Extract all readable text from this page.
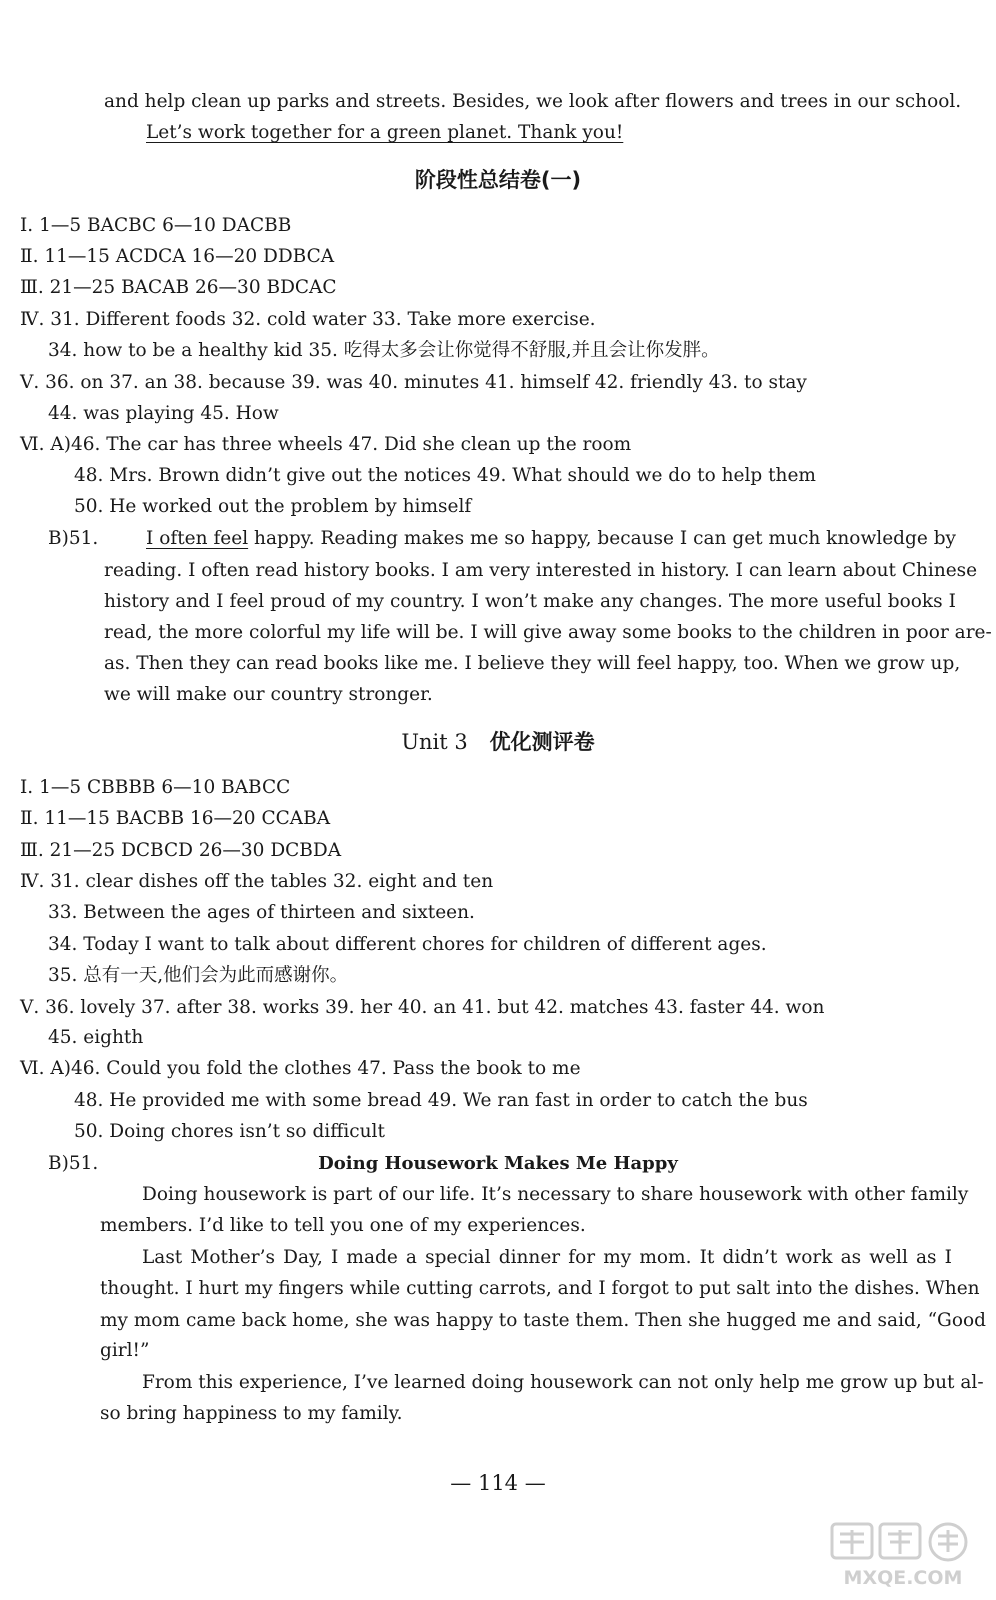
and help clean up parks and streets. Besides, we look after flowers and trees in our school.
Let’s work together for a green planet. Thank you!
阶段性总结卷(一)
Ⅰ. 1—5 BACBC 6—10 DACBB
Ⅱ. 11—15 ACDCA 16—20 DDBCA
Ⅲ. 21—25 BACAB 26—30 BDCAC
Ⅳ. 31. Different foods 32. cold water 33. Take more exercise.
34. how to be a healthy kid 35. 吃得太多会让你觉得不舒服,并且会让你发胖。
Ⅴ. 36. on 37. an 38. because 39. was 40. minutes 41. himself 42. friendly 43. to stay
44. was playing 45. How
Ⅵ. A)46. The car has three wheels 47. Did she clean up the room
48. Mrs. Brown didn’t give out the notices 49. What should we do to help them
50. He worked out the problem by himself
B)51.	I often feel happy. Reading makes me so happy, because I can get much knowledge by
reading. I often read history books. I am very interested in history. I can learn about Chinese
history and I feel proud of my country. I won’t make any changes. The more useful books I
read, the more colorful my life will be. I will give away some books to the children in poor are-
as. Then they can read books like me. I believe they will feel happy, too. When we grow up,
we will make our country stronger.
Unit 3 优化测评卷
Ⅰ. 1—5 CBBBB 6—10 BABCC
Ⅱ. 11—15 BACBB 16—20 CCABA
Ⅲ. 21—25 DCBCD 26—30 DCBDA
Ⅳ. 31. clear dishes off the tables 32. eight and ten
33. Between the ages of thirteen and sixteen.
34. Today I want to talk about different chores for children of different ages.
35. 总有一天,他们会为此而感谢你。
Ⅴ. 36. lovely 37. after 38. works 39. her 40. an 41. but 42. matches 43. faster 44. won
45. eighth
Ⅵ. A)46. Could you fold the clothes 47. Pass the book to me
48. He provided me with some bread 49. We ran fast in order to catch the bus
50. Doing chores isn’t so difficult
B)51.	Doing Housework Makes Me Happy
Doing housework is part of our life. It’s necessary to share housework with other family
members. I’d like to tell you one of my experiences.
Last Mother’s Day, I made a special dinner for my mom. It didn’t work as well as I
thought. I hurt my fingers while cutting carrots, and I forgot to put salt into the dishes. When
my mom came back home, she was happy to taste them. Then she hugged me and said, “Good
girl!”
From this experience, I’ve learned doing housework can not only help me grow up but al-
so bring happiness to my family.
— 114 —
MXQE.COM
